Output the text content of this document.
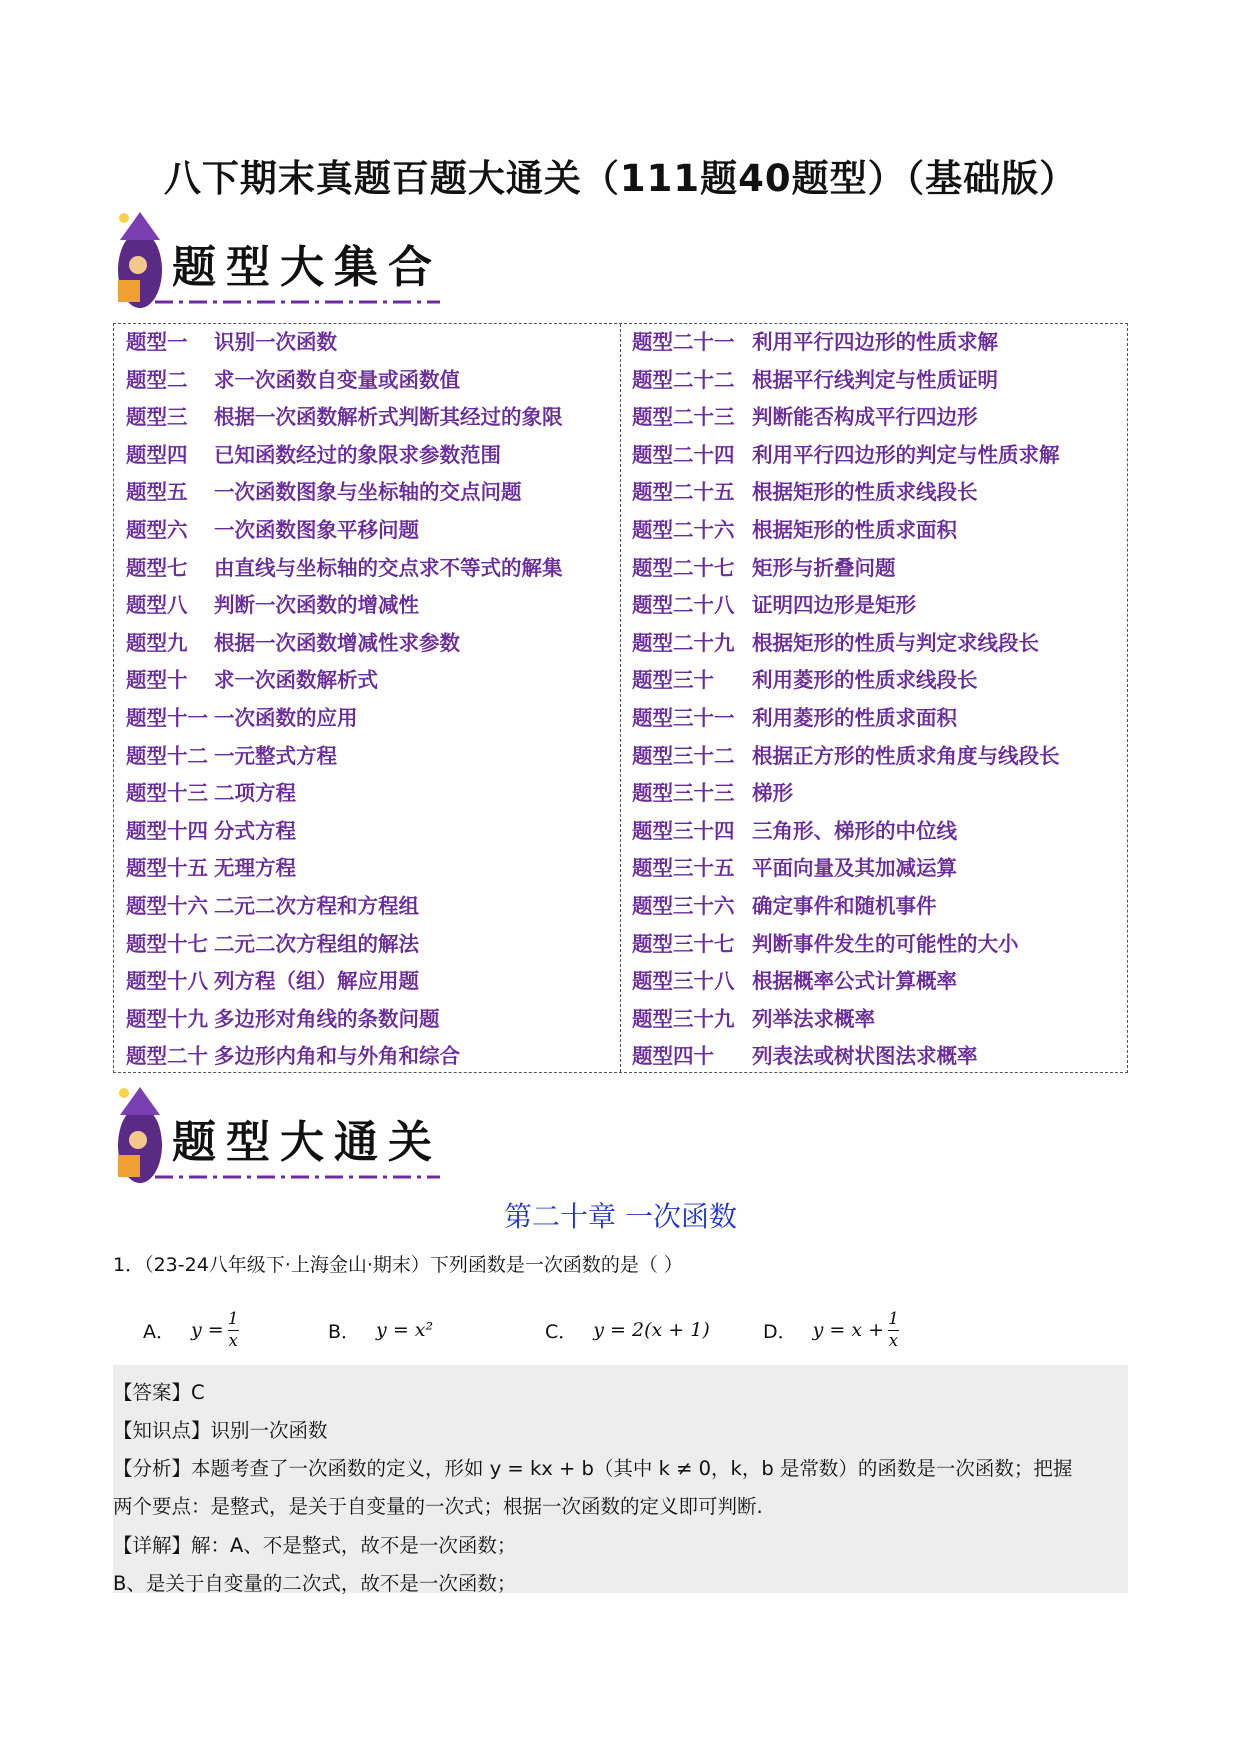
八下期末真题百题大通关（111题40题型）（基础版）
题型大集合
题型一 识别一次函数
题型二 求一次函数自变量或函数值
题型三 根据一次函数解析式判断其经过的象限
题型四 已知函数经过的象限求参数范围
题型五 一次函数图象与坐标轴的交点问题
题型六 一次函数图象平移问题
题型七 由直线与坐标轴的交点求不等式的解集
题型八 判断一次函数的增减性
题型九 根据一次函数增减性求参数
题型十 求一次函数解析式
题型十一 一次函数的应用
题型十二 一元整式方程
题型十三 二项方程
题型十四 分式方程
题型十五 无理方程
题型十六 二元二次方程和方程组
题型十七 二元二次方程组的解法
题型十八 列方程（组）解应用题
题型十九 多边形对角线的条数问题
题型二十 多边形内角和与外角和综合
题型二十一 利用平行四边形的性质求解
题型二十二 根据平行线判定与性质证明
题型二十三 判断能否构成平行四边形
题型二十四 利用平行四边形的判定与性质求解
题型二十五 根据矩形的性质求线段长
题型二十六 根据矩形的性质求面积
题型二十七 矩形与折叠问题
题型二十八 证明四边形是矩形
题型二十九 根据矩形的性质与判定求线段长
题型三十 利用菱形的性质求线段长
题型三十一 利用菱形的性质求面积
题型三十二 根据正方形的性质求角度与线段长
题型三十三 梯形
题型三十四 三角形、梯形的中位线
题型三十五 平面向量及其加减运算
题型三十六 确定事件和随机事件
题型三十七 判断事件发生的可能性的大小
题型三十八 根据概率公式计算概率
题型三十九 列举法求概率
题型四十 列表法或树状图法求概率
题型大通关
第二十章 一次函数
1．（23-24八年级下·上海金山·期末）下列函数是一次函数的是（ ）
A． $y = \frac{1}{x}$	B． y = x²	C． y = 2(x + 1)	D． $y = x + \frac{1}{x}$
【答案】C
【知识点】识别一次函数
【分析】本题考查了一次函数的定义，形如 y = kx + b（其中 k ≠ 0，k，b 是常数）的函数是一次函数；把握
两个要点：是整式，是关于自变量的一次式；根据一次函数的定义即可判断.
【详解】解：A、不是整式，故不是一次函数；
B、是关于自变量的二次式，故不是一次函数；
